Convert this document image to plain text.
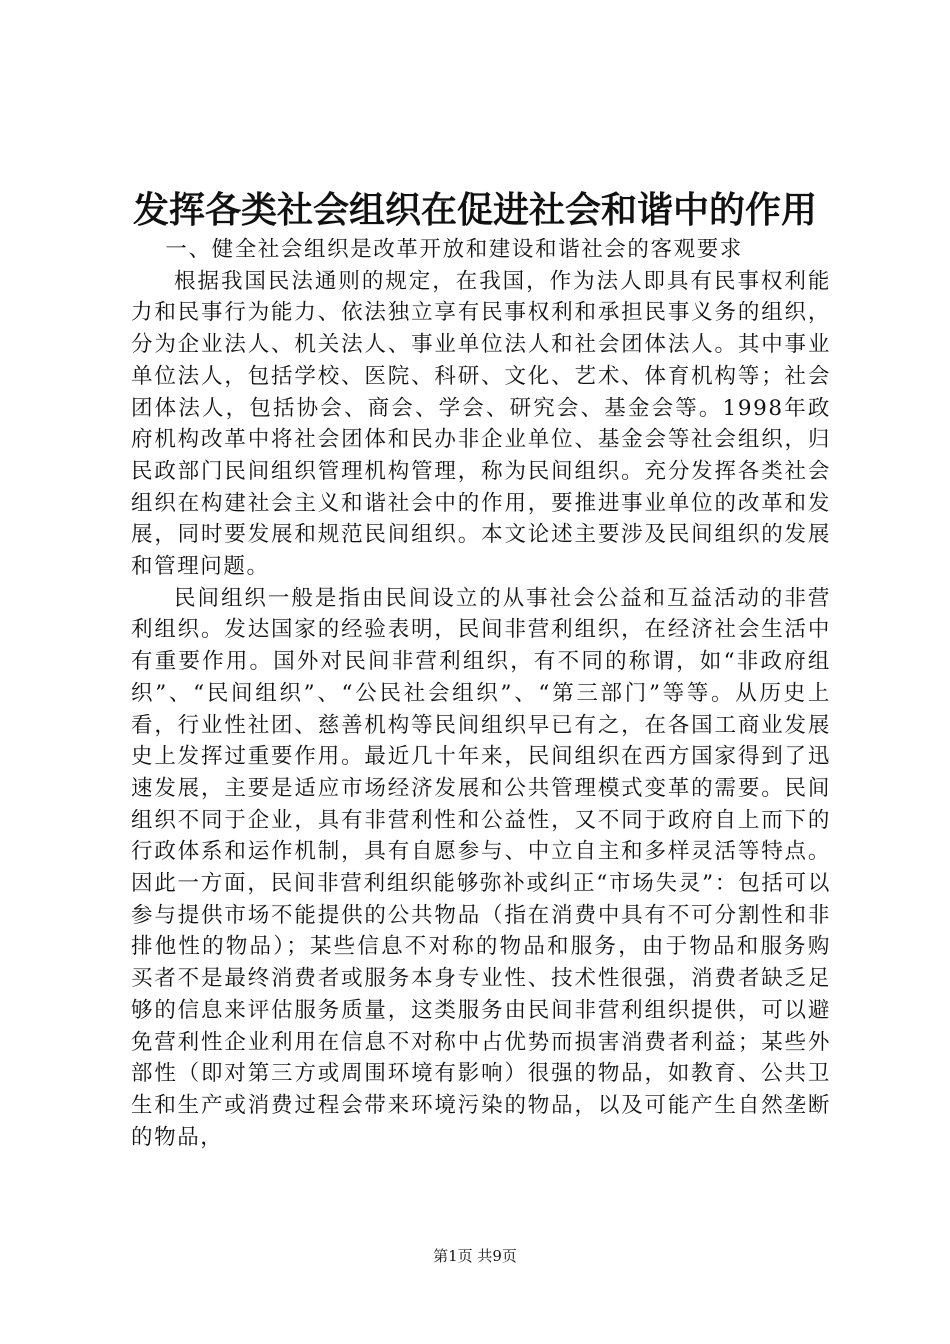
发挥各类社会组织在促进社会和谐中的作用

一、健全社会组织是改革开放和建设和谐社会的客观要求

根据我国民法通则的规定，在我国，作为法人即具有民事权利能力和民事行为能力、依法独立享有民事权利和承担民事义务的组织，分为企业法人、机关法人、事业单位法人和社会团体法人。其中事业单位法人，包括学校、医院、科研、文化、艺术、体育机构等；社会团体法人，包括协会、商会、学会、研究会、基金会等。1998年政府机构改革中将社会团体和民办非企业单位、基金会等社会组织，归民政部门民间组织管理机构管理，称为民间组织。充分发挥各类社会组织在构建社会主义和谐社会中的作用，要推进事业单位的改革和发展，同时要发展和规范民间组织。本文论述主要涉及民间组织的发展和管理问题。

民间组织一般是指由民间设立的从事社会公益和互益活动的非营利组织。发达国家的经验表明，民间非营利组织，在经济社会生活中有重要作用。国外对民间非营利组织，有不同的称谓，如“非政府组织”、“民间组织”、“公民社会组织”、“第三部门”等等。从历史上看，行业性社团、慈善机构等民间组织早已有之，在各国工商业发展史上发挥过重要作用。最近几十年来，民间组织在西方国家得到了迅速发展，主要是适应市场经济发展和公共管理模式变革的需要。民间组织不同于企业，具有非营利性和公益性，又不同于政府自上而下的行政体系和运作机制，具有自愿参与、中立自主和多样灵活等特点。因此一方面，民间非营利组织能够弥补或纠正“市场失灵”：包括可以参与提供市场不能提供的公共物品（指在消费中具有不可分割性和非排他性的物品）；某些信息不对称的物品和服务，由于物品和服务购买者不是最终消费者或服务本身专业性、技术性很强，消费者缺乏足够的信息来评估服务质量，这类服务由民间非营利组织提供，可以避免营利性企业利用在信息不对称中占优势而损害消费者利益；某些外部性（即对第三方或周围环境有影响）很强的物品，如教育、公共卫生和生产或消费过程会带来环境污染的物品，以及可能产生自然垄断的物品，

第1页 共9页
